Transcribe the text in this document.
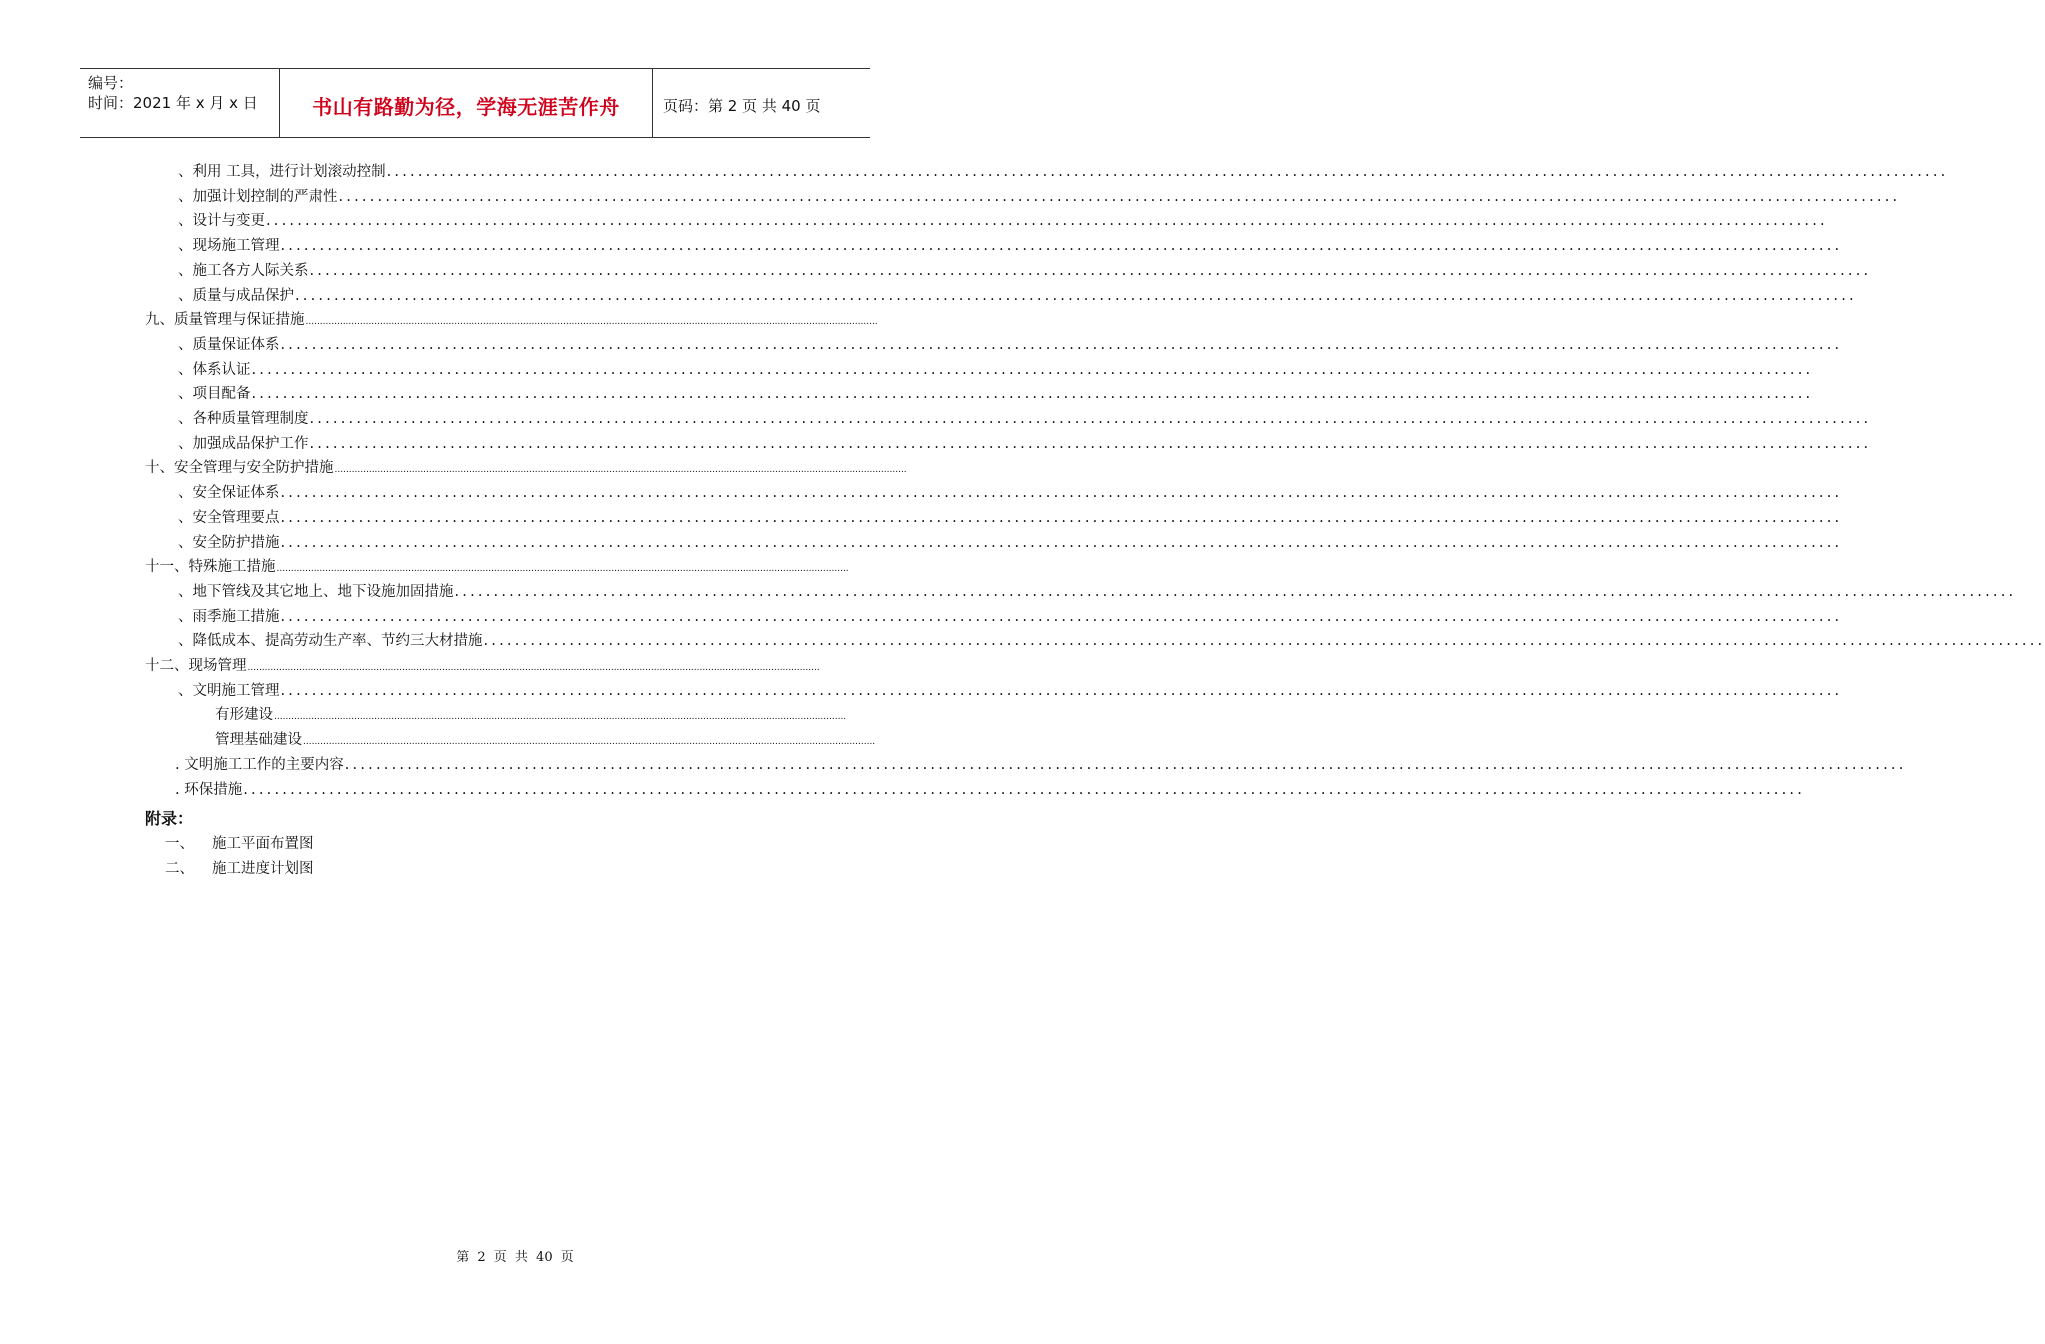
编号：
时间：2021 年 x 月 x 日	书山有路勤为径，学海无涯苦作舟	页码：第 2 页 共 40 页
、利用 工具，进行计划滚动控制 ........................................................................................................................................................................................................
、加强计划控制的严肃性 ........................................................................................................................................................................................................
、设计与变更 ........................................................................................................................................................................................................
、现场施工管理 ........................................................................................................................................................................................................
、施工各方人际关系 ........................................................................................................................................................................................................
、质量与成品保护 ........................................................................................................................................................................................................
九、质量管理与保证措施 ........................................................................................................................................................................................................
、质量保证体系 ........................................................................................................................................................................................................
、体系认证 ........................................................................................................................................................................................................
、项目配备 ........................................................................................................................................................................................................
、各种质量管理制度 ........................................................................................................................................................................................................
、加强成品保护工作 ........................................................................................................................................................................................................
十、安全管理与安全防护措施 ........................................................................................................................................................................................................
、安全保证体系 ........................................................................................................................................................................................................
、安全管理要点 ........................................................................................................................................................................................................
、安全防护措施 ........................................................................................................................................................................................................
十一、特殊施工措施 ........................................................................................................................................................................................................
、地下管线及其它地上、地下设施加固措施 ........................................................................................................................................................................................................
、雨季施工措施 ........................................................................................................................................................................................................
、降低成本、提高劳动生产率、节约三大材措施 ........................................................................................................................................................................................................
十二、现场管理 ........................................................................................................................................................................................................
、文明施工管理 ........................................................................................................................................................................................................
有形建设 ........................................................................................................................................................................................................
管理基础建设 ........................................................................................................................................................................................................
. 文明施工工作的主要内容 ........................................................................................................................................................................................................
. 环保措施 ........................................................................................................................................................................................................
附录：
一、	施工平面布置图
二、	施工进度计划图
第 2 页 共 40 页
